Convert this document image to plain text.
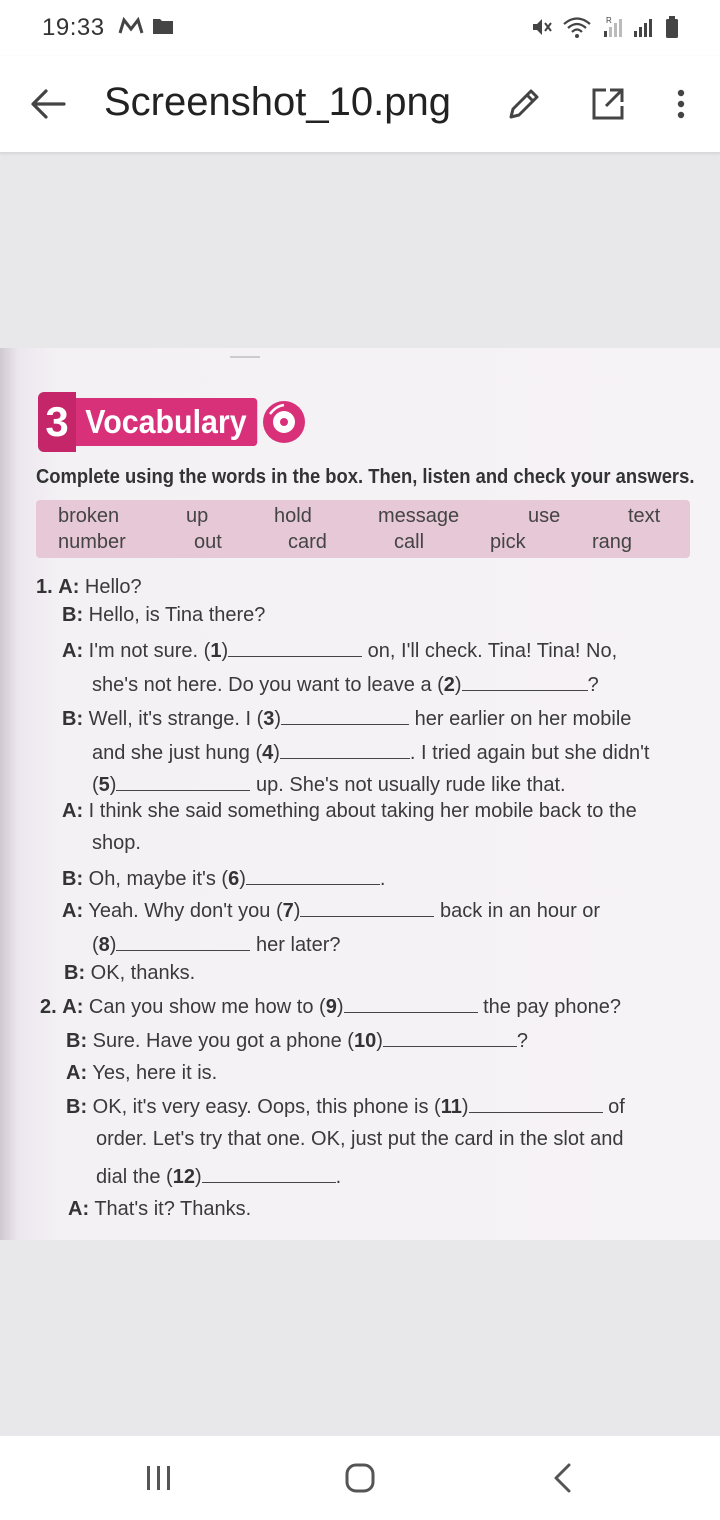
19:33	R
Screenshot_10.png
3 Vocabulary
Complete using the words in the box. Then, listen and check your answers.
broken	up	hold	message	use	text
number	out	card	call	pick	rang
1. A: Hello?
B: Hello, is Tina there?
A: I'm not sure. (1)	on, I'll check. Tina! Tina! No,
she's not here. Do you want to leave a (2)	?
B: Well, it's strange. I (3)	her earlier on her mobile
and she just hung (4)	. I tried again but she didn't
(5)	up. She's not usually rude like that.
A: I think she said something about taking her mobile back to the
shop.
B: Oh, maybe it's (6)	.
A: Yeah. Why don't you (7)	back in an hour or
(8)	her later?
B: OK, thanks.
2. A: Can you show me how to (9)	the pay phone?
B: Sure. Have you got a phone (10)	?
A: Yes, here it is.
B: OK, it's very easy. Oops, this phone is (11)	of
order. Let's try that one. OK, just put the card in the slot and
dial the (12)	.
A: That's it? Thanks.
